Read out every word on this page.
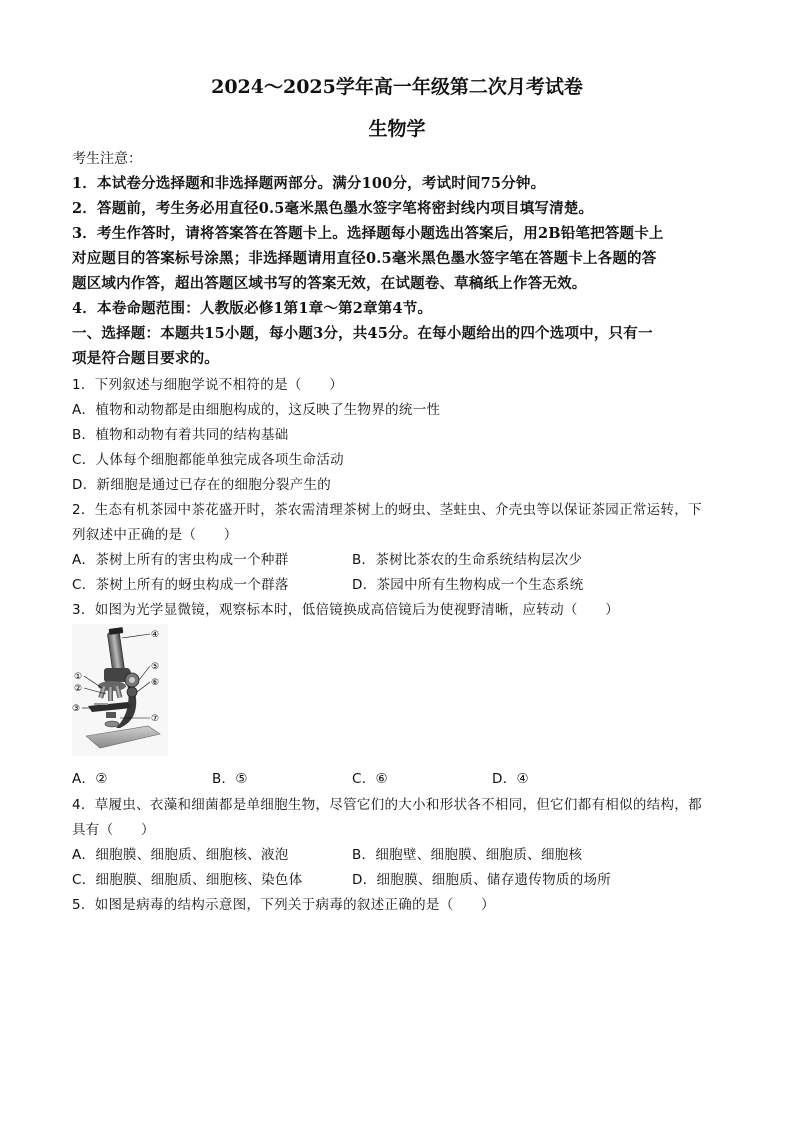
2024～2025学年高一年级第二次月考试卷
生物学
考生注意：
1．本试卷分选择题和非选择题两部分。满分100分，考试时间75分钟。
2．答题前，考生务必用直径0.5毫米黑色墨水签字笔将密封线内项目填写清楚。
3．考生作答时，请将答案答在答题卡上。选择题每小题选出答案后，用2B铅笔把答题卡上
对应题目的答案标号涂黑；非选择题请用直径0.5毫米黑色墨水签字笔在答题卡上各题的答
题区域内作答，超出答题区域书写的答案无效，在试题卷、草稿纸上作答无效。
4．本卷命题范围：人教版必修1第1章～第2章第4节。
一、选择题：本题共15小题，每小题3分，共45分。在每小题给出的四个选项中，只有一
项是符合题目要求的。
1．下列叙述与细胞学说不相符的是（　　）
A．植物和动物都是由细胞构成的，这反映了生物界的统一性
B．植物和动物有着共同的结构基础
C．人体每个细胞都能单独完成各项生命活动
D．新细胞是通过已存在的细胞分裂产生的
2．生态有机茶园中茶花盛开时，茶农需清理茶树上的蚜虫、茎蛀虫、介壳虫等以保证茶园正常运转，下
列叙述中正确的是（　　）
A．茶树上所有的害虫构成一个种群	B．茶树比茶农的生命系统结构层次少
C．茶树上所有的蚜虫构成一个群落	D．茶园中所有生物构成一个生态系统
3．如图为光学显微镜，观察标本时，低倍镜换成高倍镜后为使视野清晰，应转动（　　）
④
⑤
⑥
①
②
③
⑦
A．②	B．⑤	C．⑥	D．④
4．草履虫、衣藻和细菌都是单细胞生物，尽管它们的大小和形状各不相同，但它们都有相似的结构，都
具有（　　）
A．细胞膜、细胞质、细胞核、液泡	B．细胞壁、细胞膜、细胞质、细胞核
C．细胞膜、细胞质、细胞核、染色体	D．细胞膜、细胞质、储存遗传物质的场所
5．如图是病毒的结构示意图，下列关于病毒的叙述正确的是（　　）
